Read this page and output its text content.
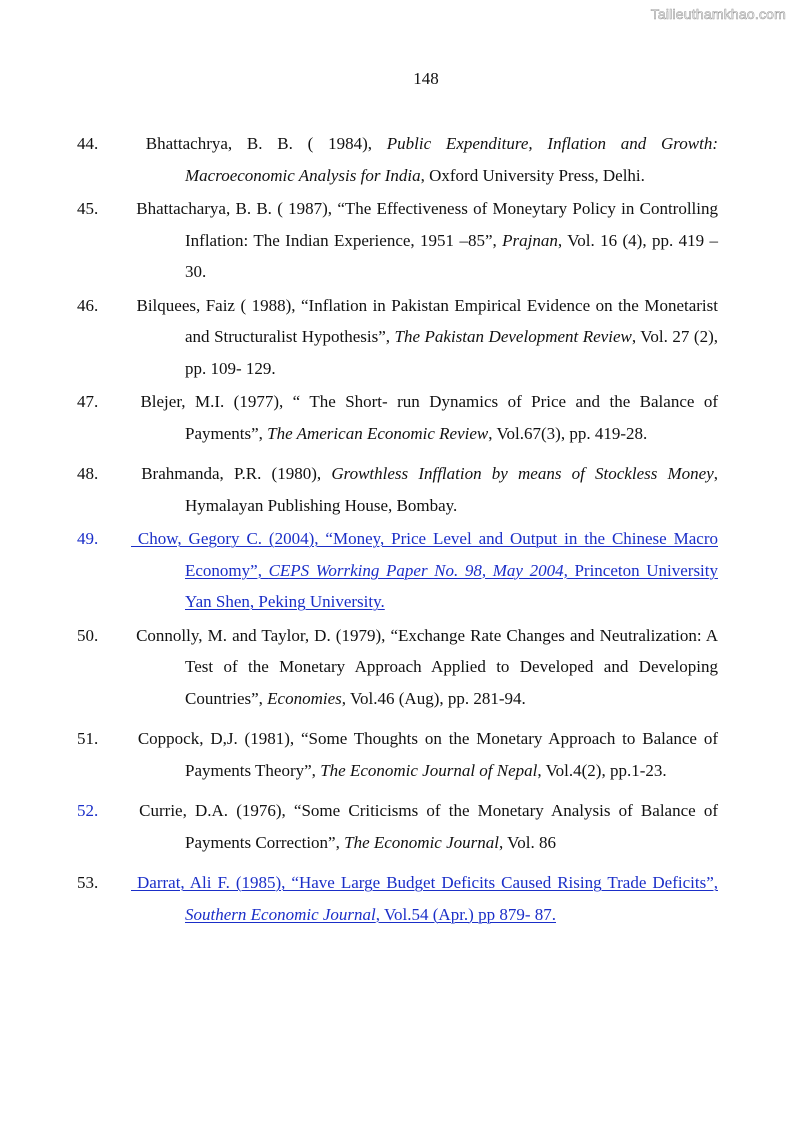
Tailieuthamkhao.com
148

44.	Bhattachrya, B. B. ( 1984), Public Expenditure, Inflation and Growth: Macroeconomic Analysis for India, Oxford University Press, Delhi.

45. Bhattacharya, B. B. ( 1987), “The Effectiveness of Moneytary Policy in Controlling Inflation: The Indian Experience, 1951 –85”, Prajnan, Vol. 16 (4), pp. 419 – 30.

46. Bilquees, Faiz ( 1988), “Inflation in Pakistan Empirical Evidence on the Monetarist and Structuralist Hypothesis”, The Pakistan Development Review, Vol. 27 (2), pp. 109- 129.

47. Blejer, M.I. (1977), “ The Short- run Dynamics of Price and the Balance of Payments”, The American Economic Review, Vol.67(3), pp. 419-28.

48.	Brahmanda, P.R. (1980), Growthless Infflation by means of Stockless Money, Hymalayan Publishing House, Bombay.

49. Chow, Gegory C. (2004), “Money, Price Level and Output in the Chinese Macro Economy”, CEPS Worrking Paper No. 98, May 2004, Princeton University Yan Shen, Peking University.

50. Connolly, M. and Taylor, D. (1979), “Exchange Rate Changes and Neutralization: A Test of the Monetary Approach Applied to Developed and Developing Countries”, Economies, Vol.46 (Aug), pp. 281-94.

51. Coppock, D,J. (1981), “Some Thoughts on the Monetary Approach to Balance of Payments Theory”, The Economic Journal of Nepal, Vol.4(2), pp.1-23.

52. Currie, D.A. (1976), “Some Criticisms of the Monetary Analysis of Balance of Payments Correction”, The Economic Journal, Vol. 86

53. Darrat, Ali F. (1985), “Have Large Budget Deficits Caused Rising Trade Deficits”, Southern Economic Journal, Vol.54 (Apr.) pp 879- 87.
